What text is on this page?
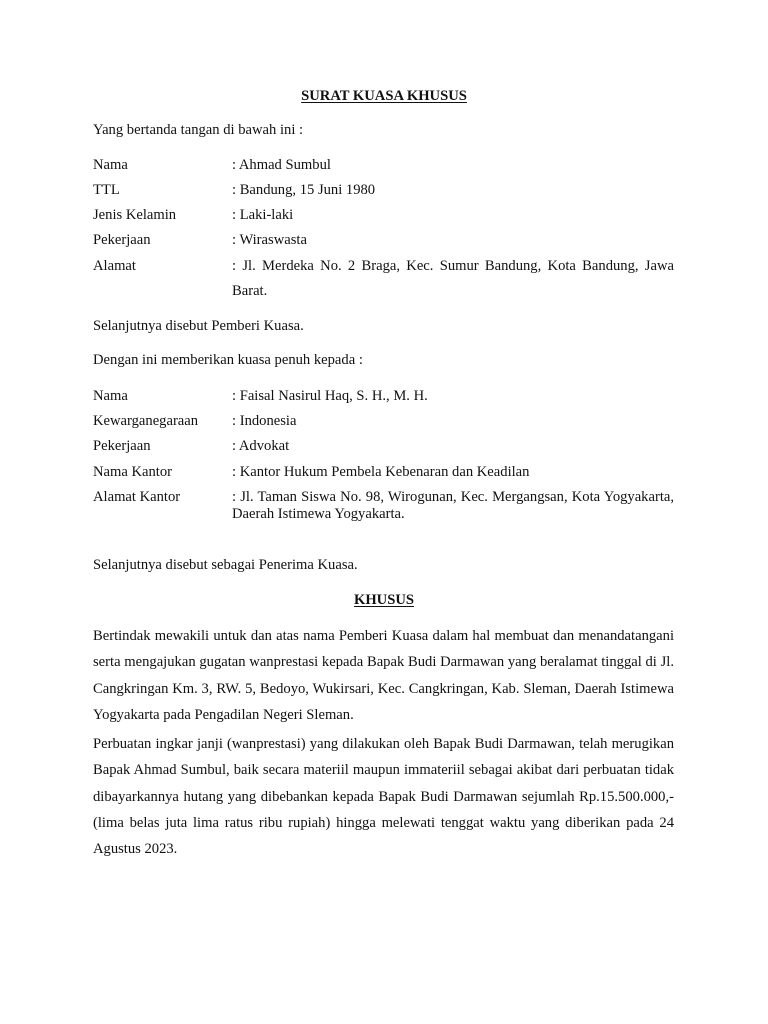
SURAT KUASA KHUSUS
Yang bertanda tangan di bawah ini :
Nama	: Ahmad Sumbul
TTL	: Bandung, 15 Juni 1980
Jenis Kelamin	: Laki-laki
Pekerjaan	: Wiraswasta
Alamat	: Jl. Merdeka No. 2 Braga, Kec. Sumur Bandung, Kota Bandung, Jawa Barat.
Selanjutnya disebut Pemberi Kuasa.
Dengan ini memberikan kuasa penuh kepada :
Nama	: Faisal Nasirul Haq, S. H., M. H.
Kewarganegaraan : Indonesia
Pekerjaan	: Advokat
Nama Kantor	: Kantor Hukum Pembela Kebenaran dan Keadilan
Alamat Kantor	: Jl. Taman Siswa No. 98, Wirogunan, Kec. Mergangsan, Kota Yogyakarta, Daerah Istimewa Yogyakarta.
Selanjutnya disebut sebagai Penerima Kuasa.
KHUSUS
Bertindak mewakili untuk dan atas nama Pemberi Kuasa dalam hal membuat dan menandatangani serta mengajukan gugatan wanprestasi kepada Bapak Budi Darmawan yang beralamat tinggal di Jl. Cangkringan Km. 3, RW. 5, Bedoyo, Wukirsari, Kec. Cangkringan, Kab. Sleman, Daerah Istimewa Yogyakarta pada Pengadilan Negeri Sleman.
Perbuatan ingkar janji (wanprestasi) yang dilakukan oleh Bapak Budi Darmawan, telah merugikan Bapak Ahmad Sumbul, baik secara materiil maupun immateriil sebagai akibat dari perbuatan tidak dibayarkannya hutang yang dibebankan kepada Bapak Budi Darmawan sejumlah Rp.15.500.000,- (lima belas juta lima ratus ribu rupiah) hingga melewati tenggat waktu yang diberikan pada 24 Agustus 2023.
